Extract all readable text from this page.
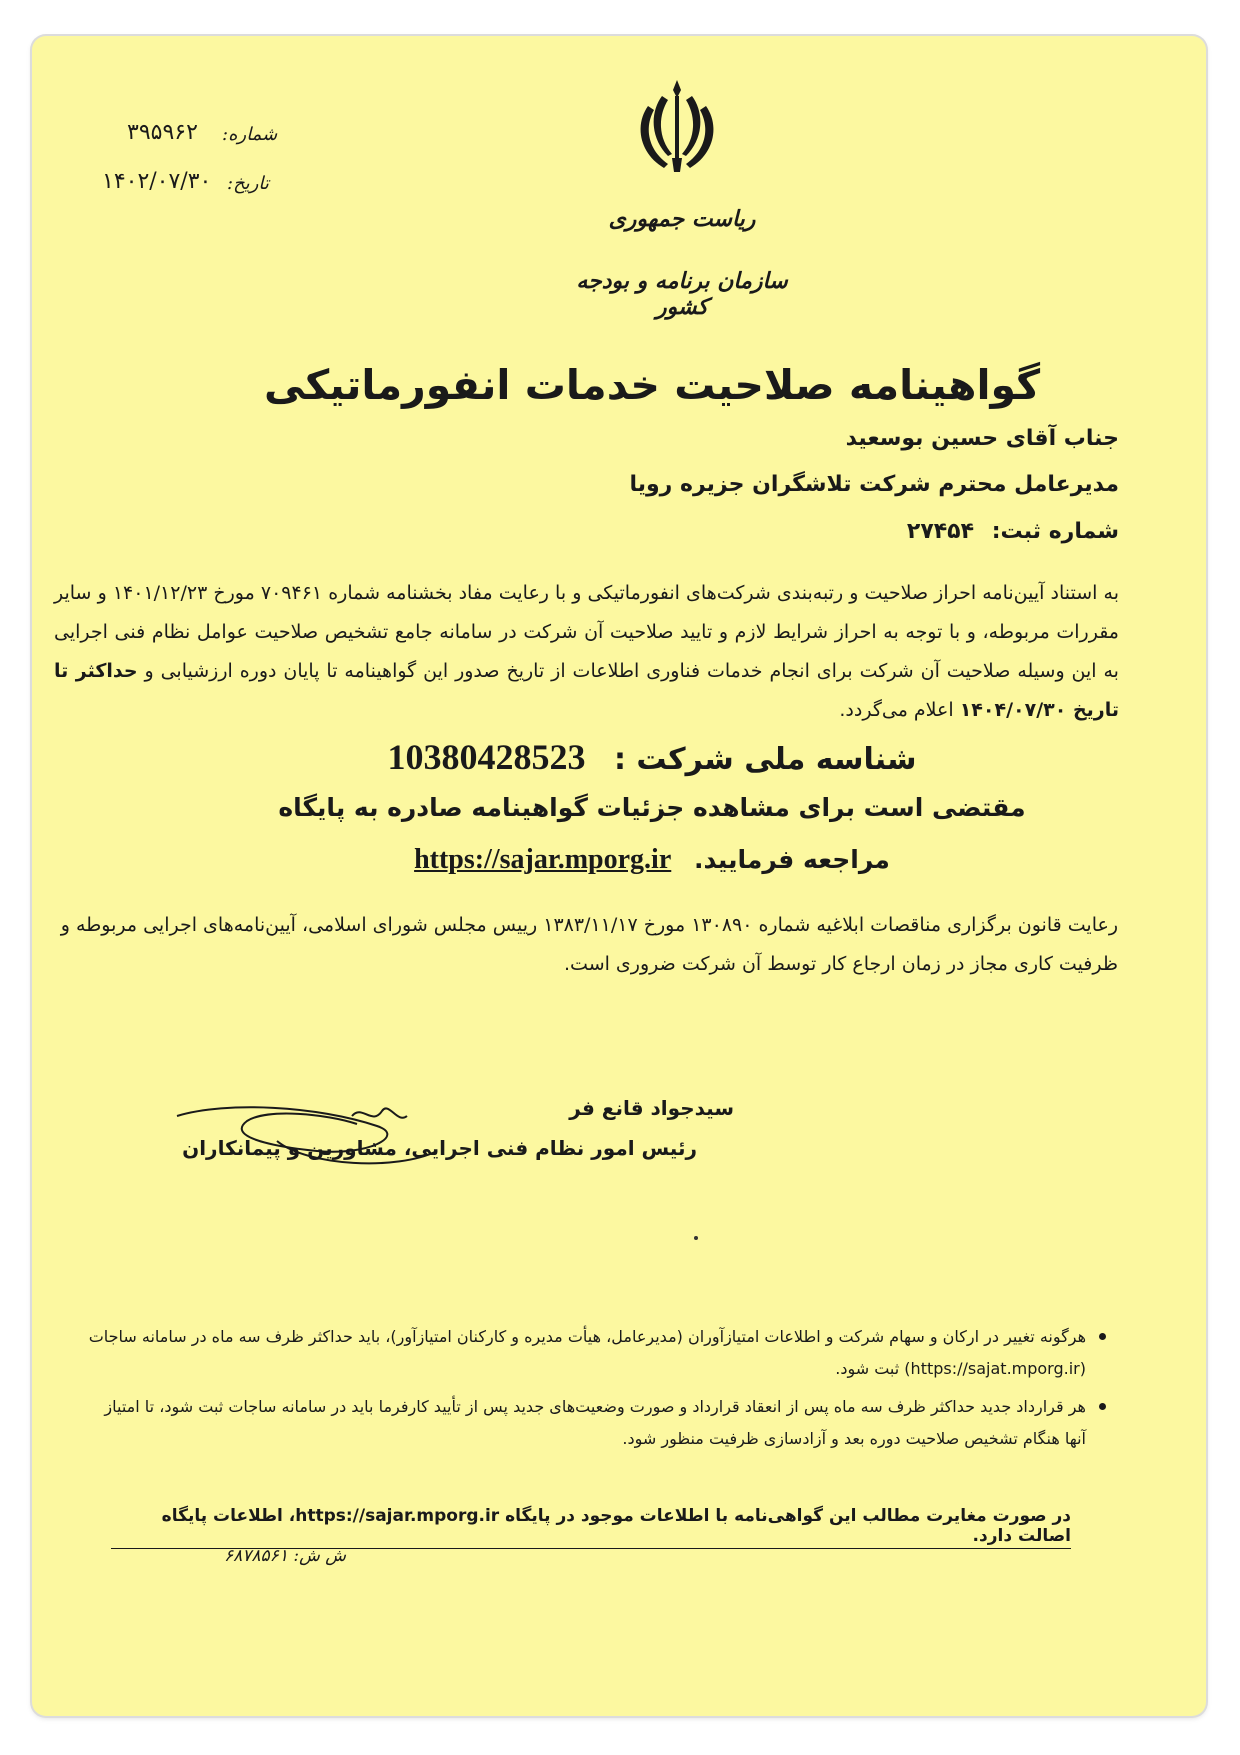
ریاست جمهوری
سازمان برنامه و بودجه کشور
شماره:
۳۹۵۹۶۲
تاریخ:
۱۴۰۲/۰۷/۳۰
گواهینامه صلاحیت خدمات انفورماتیکی
جناب آقای حسین بوسعید
مدیرعامل محترم شرکت تلاشگران جزیره رویا
شماره ثبت: ۲۷۴۵۴
به استناد آیین‌نامه احراز صلاحیت و رتبه‌بندی شرکت‌های انفورماتیکی و با رعایت مفاد بخشنامه شماره ۷۰۹۴۶۱ مورخ ۱۴۰۱/۱۲/۲۳ و سایر مقررات مربوطه، و با توجه به احراز شرایط لازم و تایید صلاحیت آن شرکت در سامانه جامع تشخیص صلاحیت عوامل نظام فنی اجرایی به این وسیله صلاحیت آن شرکت برای انجام خدمات فناوری اطلاعات از تاریخ صدور این گواهینامه تا پایان دوره ارزشیابی و حداکثر تا تاریخ ۱۴۰۴/۰۷/۳۰ اعلام می‌گردد.
شناسه ملی شرکت : 10380428523
مقتضی است برای مشاهده جزئیات گواهینامه صادره به پایگاه
مراجعه فرمایید. https://sajar.mporg.ir
رعایت قانون برگزاری مناقصات ابلاغیه شماره ۱۳۰۸۹۰ مورخ ۱۳۸۳/۱۱/۱۷ رییس مجلس شورای اسلامی، آیین‌نامه‌های اجرایی مربوطه و ظرفیت کاری مجاز در زمان ارجاع کار توسط آن شرکت ضروری است.
سیدجواد قانع فر
رئیس امور نظام فنی اجرایی، مشاورین و پیمانکاران
هرگونه تغییر در ارکان و سهام شرکت و اطلاعات امتیازآوران (مدیرعامل، هیأت مدیره و کارکنان امتیازآور)، باید حداکثر ظرف سه ماه در سامانه ساجات (https://sajat.mporg.ir) ثبت شود.
هر قرارداد جدید حداکثر ظرف سه ماه پس از انعقاد قرارداد و صورت وضعیت‌های جدید پس از تأیید کارفرما باید در سامانه ساجات ثبت شود، تا امتیاز آنها هنگام تشخیص صلاحیت دوره بعد و آزادسازی ظرفیت منظور شود.
در صورت مغایرت مطالب این گواهی‌نامه با اطلاعات موجود در پایگاه https://sajar.mporg.ir، اطلاعات پایگاه اصالت دارد.
ش ش: ۶۸۷۸۵۶۱
